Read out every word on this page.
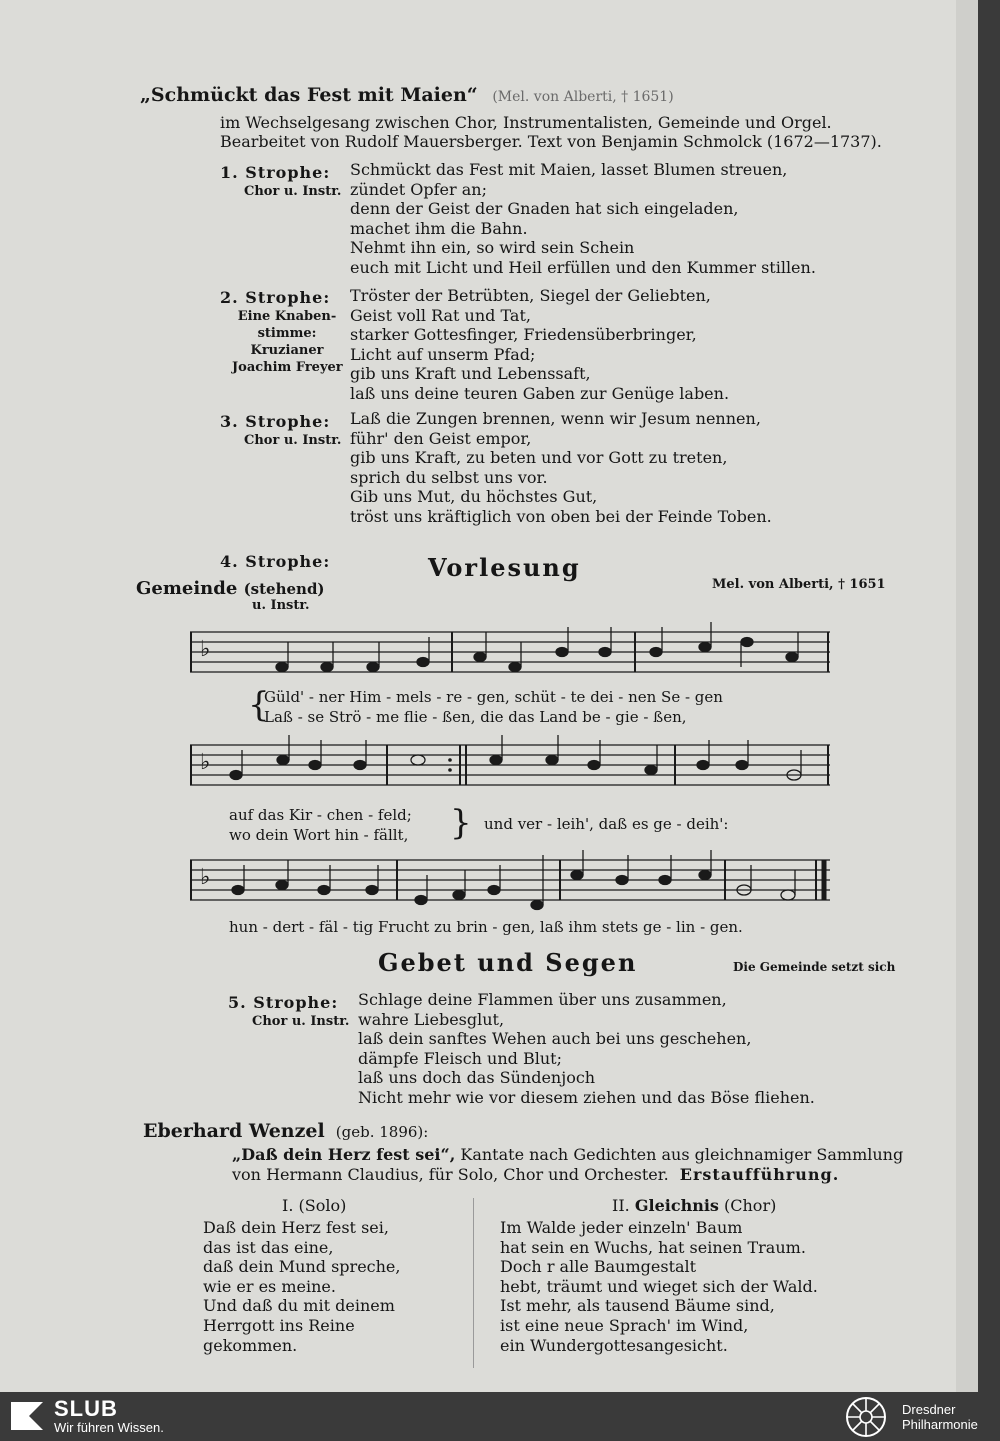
„Schmückt das Fest mit Maien“ (Mel. von Alberti, † 1651)
im Wechselgesang zwischen Chor, Instrumentalisten, Gemeinde und Orgel.
Bearbeitet von Rudolf Mauersberger. Text von Benjamin Schmolck (1672—1737).
1. Strophe:
Chor u. Instr.
Schmückt das Fest mit Maien, lasset Blumen streuen,
zündet Opfer an;
denn der Geist der Gnaden hat sich eingeladen,
machet ihm die Bahn.
Nehmt ihn ein, so wird sein Schein
euch mit Licht und Heil erfüllen und den Kummer stillen.
2. Strophe:
Eine Knaben-
stimme:
Kruzianer
Joachim Freyer
Tröster der Betrübten, Siegel der Geliebten,
Geist voll Rat und Tat,
starker Gottesfinger, Friedensüberbringer,
Licht auf unserm Pfad;
gib uns Kraft und Lebenssaft,
laß uns deine teuren Gaben zur Genüge laben.
3. Strophe:
Chor u. Instr.
Laß die Zungen brennen, wenn wir Jesum nennen,
führ' den Geist empor,
gib uns Kraft, zu beten und vor Gott zu treten,
sprich du selbst uns vor.
Gib uns Mut, du höchstes Gut,
tröst uns kräftiglich von oben bei der Feinde Toben.
4. Strophe:	Vorlesung
Gemeinde (stehend)
u. Instr.
Mel. von Alberti, † 1651
♭
Güld' - ner Him - mels - re - gen, schüt - te dei - nen Se - gen
Laß - se Strö - me flie - ßen, die das Land be - gie - ßen,
{
♭
auf das Kir - chen - feld;
wo dein Wort hin - fällt, } und ver - leih', daß es ge - deih':
♭
hun - dert - fäl - tig Frucht zu brin - gen, laß ihm stets ge - lin - gen.
Gebet und Segen	Die Gemeinde setzt sich
5. Strophe:
Chor u. Instr.
Schlage deine Flammen über uns zusammen,
wahre Liebesglut,
laß dein sanftes Wehen auch bei uns geschehen,
dämpfe Fleisch und Blut;
laß uns doch das Sündenjoch
Nicht mehr wie vor diesem ziehen und das Böse fliehen.
Eberhard Wenzel (geb. 1896):
„Daß dein Herz fest sei“, Kantate nach Gedichten aus gleichnamiger Sammlung
von Hermann Claudius, für Solo, Chor und Orchester. Erstaufführung.
I. (Solo)
Daß dein Herz fest sei,
das ist das eine,
daß dein Mund spreche,
wie er es meine.
Und daß du mit deinem
Herrgott ins Reine
gekommen.
II. Gleichnis (Chor)
Im Walde jeder einzeln' Baum
hat sein en Wuchs, hat seinen Traum.
Doch r alle Baumgestalt
hebt, träumt und wieget sich der Wald.
Ist mehr, als tausend Bäume sind,
ist eine neue Sprach' im Wind,
ein Wundergottesangesicht.
SLUB
Wir führen Wissen.
Dresdner
Philharmonie
